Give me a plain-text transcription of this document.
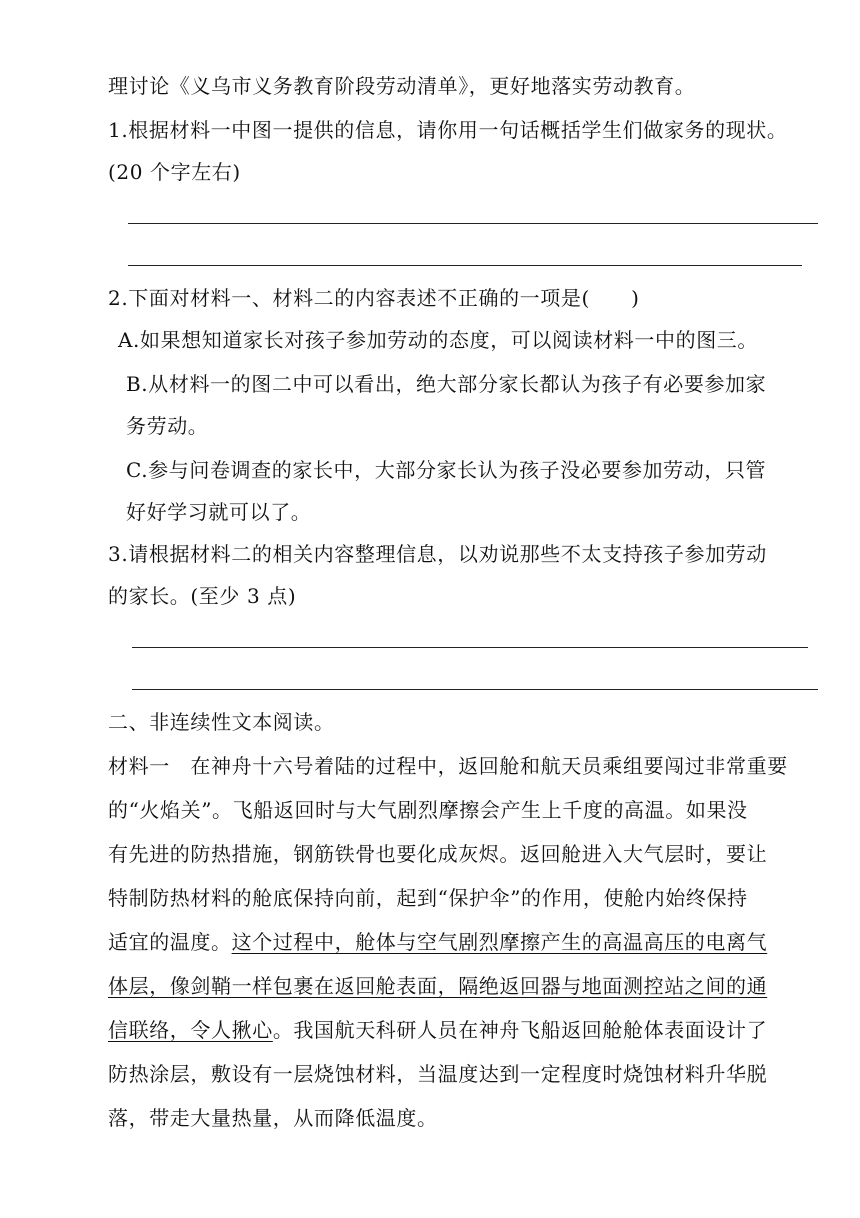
理讨论《义乌市义务教育阶段劳动清单》，更好地落实劳动教育。
1.根据材料一中图一提供的信息，请你用一句话概括学生们做家务的现状。
(20 个字左右)
2.下面对材料一、材料二的内容表述不正确的一项是(　　)
A.如果想知道家长对孩子参加劳动的态度，可以阅读材料一中的图三。
B.从材料一的图二中可以看出，绝大部分家长都认为孩子有必要参加家
务劳动。
C.参与问卷调查的家长中，大部分家长认为孩子没必要参加劳动，只管
好好学习就可以了。
3.请根据材料二的相关内容整理信息，以劝说那些不太支持孩子参加劳动
的家长。(至少 3 点)
二、非连续性文本阅读。
材料一　在神舟十六号着陆的过程中，返回舱和航天员乘组要闯过非常重要
的“火焰关”。飞船返回时与大气剧烈摩擦会产生上千度的高温。如果没
有先进的防热措施，钢筋铁骨也要化成灰烬。返回舱进入大气层时，要让
特制防热材料的舱底保持向前，起到“保护伞”的作用，使舱内始终保持
适宜的温度。这个过程中，舱体与空气剧烈摩擦产生的高温高压的电离气
体层，像剑鞘一样包裹在返回舱表面，隔绝返回器与地面测控站之间的通
信联络，令人揪心。我国航天科研人员在神舟飞船返回舱舱体表面设计了
防热涂层，敷设有一层烧蚀材料，当温度达到一定程度时烧蚀材料升华脱
落，带走大量热量，从而降低温度。
